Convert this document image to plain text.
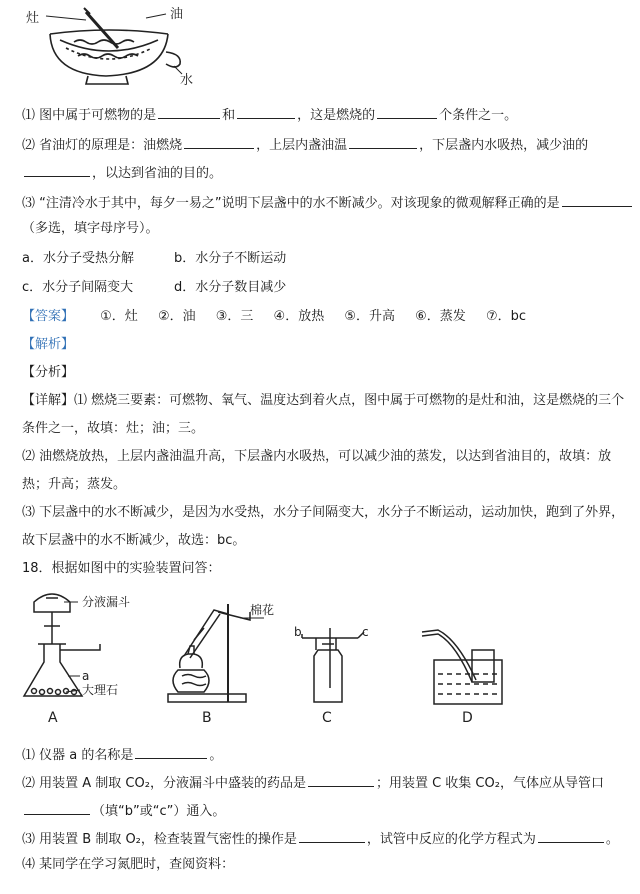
灶	油
水
⑴ 图中属于可燃物的是	和	，这是燃烧的	个条件之一。
⑵ 省油灯的原理是：油燃烧	，上层内盏油温	，下层盏内水吸热，减少油的
，以达到省油的目的。
⑶ “注清冷水于其中，每夕一易之”说明下层盏中的水不断减少。对该现象的微观解释正确的是
（多选，填字母序号）。
a．水分子受热分解	b．水分子不断运动
c．水分子间隔变大	d．水分子数目减少
【答案】 ①．灶 ②．油 ③．三 ④．放热 ⑤．升高 ⑥．蒸发 ⑦．bc
【解析】
【分析】
【详解】⑴ 燃烧三要素：可燃物、氧气、温度达到着火点，图中属于可燃物的是灶和油，这是燃烧的三个
条件之一，故填：灶；油；三。
⑵ 油燃烧放热，上层内盏油温升高，下层盏内水吸热，可以减少油的蒸发，以达到省油目的，故填：放
热；升高；蒸发。
⑶ 下层盏中的水不断减少，是因为水受热，水分子间隔变大，水分子不断运动，运动加快，跑到了外界，
故下层盏中的水不断减少，故选：bc。
18．根据如图中的实验装置问答：
分液漏斗
a
大理石
A
棉花
B
b	c
C	D
⑴ 仪器 a 的名称是	。
⑵ 用装置 A 制取 CO₂，分液漏斗中盛装的药品是	；用装置 C 收集 CO₂，气体应从导管口
（填“b”或“c”）通入。
⑶ 用装置 B 制取 O₂，检查装置气密性的操作是	，试管中反应的化学方程式为	。
⑷ 某同学在学习氮肥时，查阅资料：
